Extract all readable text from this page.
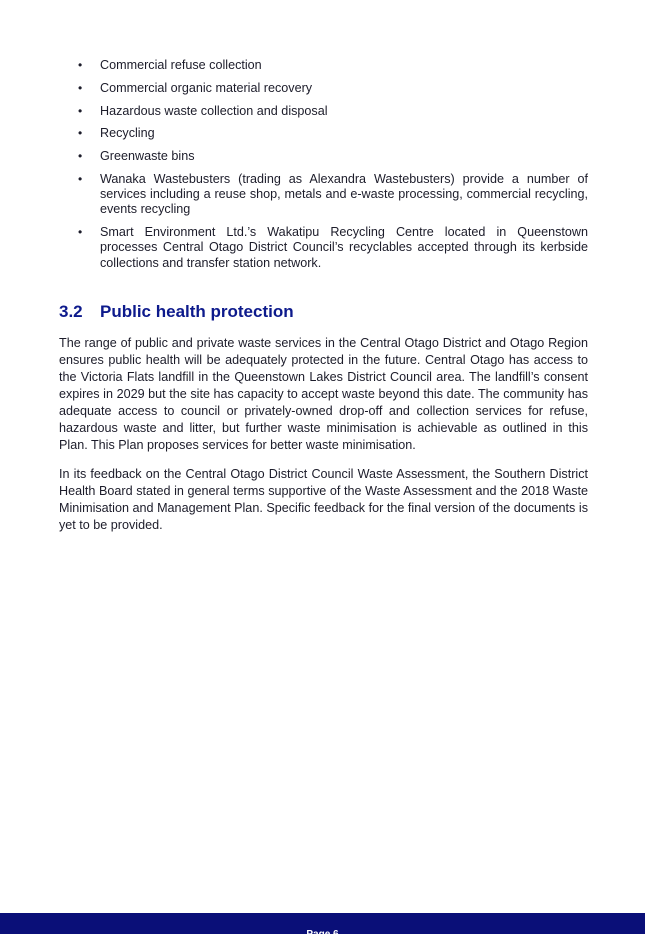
• Commercial refuse collection
• Commercial organic material recovery
• Hazardous waste collection and disposal
• Recycling
• Greenwaste bins
• Wanaka Wastebusters (trading as Alexandra Wastebusters) provide a number of services including a reuse shop, metals and e-waste processing, commercial recycling, events recycling
• Smart Environment Ltd.’s Wakatipu Recycling Centre located in Queenstown processes Central Otago District Council’s recyclables accepted through its kerbside collections and transfer station network.
3.2 Public health protection

The range of public and private waste services in the Central Otago District and Otago Region ensures public health will be adequately protected in the future. Central Otago has access to the Victoria Flats landfill in the Queenstown Lakes District Council area. The landfill’s consent expires in 2029 but the site has capacity to accept waste beyond this date. The community has adequate access to council or privately-owned drop-off and collection services for refuse, hazardous waste and litter, but further waste minimisation is achievable as outlined in this Plan. This Plan proposes services for better waste minimisation.

In its feedback on the Central Otago District Council Waste Assessment, the Southern District Health Board stated in general terms supportive of the Waste Assessment and the 2018 Waste Minimisation and Management Plan. Specific feedback for the final version of the documents is yet to be provided.

Page 6
